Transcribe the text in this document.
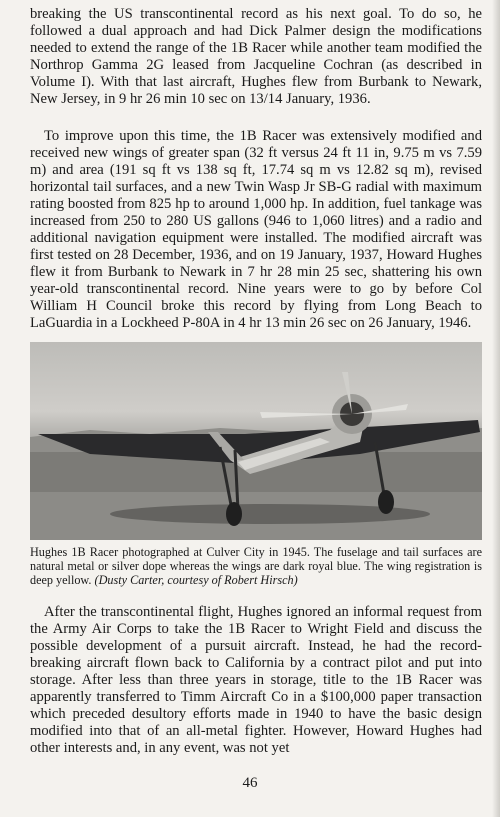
breaking the US transcontinental record as his next goal. To do so, he followed a dual approach and had Dick Palmer design the modifications needed to extend the range of the 1B Racer while another team modified the Northrop Gamma 2G leased from Jacqueline Cochran (as described in Volume I). With that last aircraft, Hughes flew from Burbank to Newark, New Jersey, in 9 hr 26 min 10 sec on 13/14 January, 1936.

To improve upon this time, the 1B Racer was extensively modified and received new wings of greater span (32 ft versus 24 ft 11 in, 9.75 m vs 7.59 m) and area (191 sq ft vs 138 sq ft, 17.74 sq m vs 12.82 sq m), revised horizontal tail surfaces, and a new Twin Wasp Jr SB-G radial with maximum rating boosted from 825 hp to around 1,000 hp. In addition, fuel tankage was increased from 250 to 280 US gallons (946 to 1,060 litres) and a radio and additional navigation equipment were installed. The modified aircraft was first tested on 28 December, 1936, and on 19 January, 1937, Howard Hughes flew it from Burbank to Newark in 7 hr 28 min 25 sec, shattering his own year-old transcontinental record. Nine years were to go by before Col William H Council broke this record by flying from Long Beach to LaGuardia in a Lockheed P-80A in 4 hr 13 min 26 sec on 26 January, 1946.

Hughes 1B Racer photographed at Culver City in 1945. The fuselage and tail surfaces are natural metal or silver dope whereas the wings are dark royal blue. The wing registration is deep yellow. (Dusty Carter, courtesy of Robert Hirsch)

After the transcontinental flight, Hughes ignored an informal request from the Army Air Corps to take the 1B Racer to Wright Field and discuss the possible development of a pursuit aircraft. Instead, he had the record-breaking aircraft flown back to California by a contract pilot and put into storage. After less than three years in storage, title to the 1B Racer was apparently transferred to Timm Aircraft Co in a $100,000 paper transaction which preceded desultory efforts made in 1940 to have the basic design modified into that of an all-metal fighter. However, Howard Hughes had other interests and, in any event, was not yet

46
